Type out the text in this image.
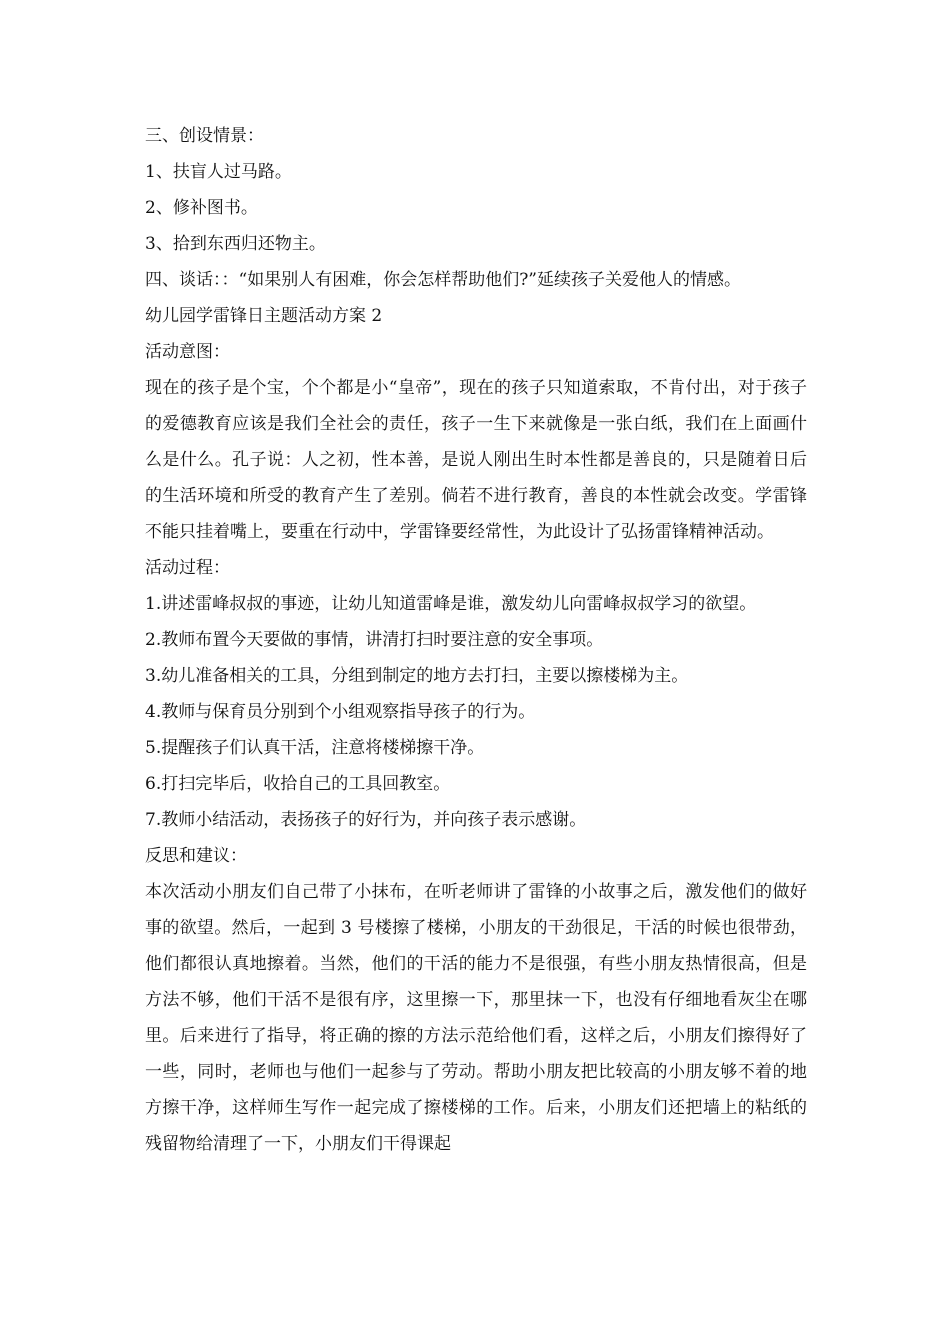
三、创设情景：
1、扶盲人过马路。
2、修补图书。
3、拾到东西归还物主。
四、谈话：：“如果别人有困难，你会怎样帮助他们?”延续孩子关爱他人的情感。
幼儿园学雷锋日主题活动方案 2
活动意图：
现在的孩子是个宝，个个都是小“皇帝”，现在的孩子只知道索取，不肯付出，对于孩子的爱德教育应该是我们全社会的责任，孩子一生下来就像是一张白纸，我们在上面画什么是什么。孔子说：人之初，性本善，是说人刚出生时本性都是善良的，只是随着日后的生活环境和所受的教育产生了差别。倘若不进行教育，善良的本性就会改变。学雷锋不能只挂着嘴上，要重在行动中，学雷锋要经常性，为此设计了弘扬雷锋精神活动。
活动过程：
1.讲述雷峰叔叔的事迹，让幼儿知道雷峰是谁，激发幼儿向雷峰叔叔学习的欲望。
2.教师布置今天要做的事情，讲清打扫时要注意的安全事项。
3.幼儿准备相关的工具，分组到制定的地方去打扫，主要以擦楼梯为主。
4.教师与保育员分别到个小组观察指导孩子的行为。
5.提醒孩子们认真干活，注意将楼梯擦干净。
6.打扫完毕后，收拾自己的工具回教室。
7.教师小结活动，表扬孩子的好行为，并向孩子表示感谢。
反思和建议：
本次活动小朋友们自己带了小抹布，在听老师讲了雷锋的小故事之后，激发他们的做好事的欲望。然后，一起到 3 号楼擦了楼梯，小朋友的干劲很足，干活的时候也很带劲，他们都很认真地擦着。当然，他们的干活的能力不是很强，有些小朋友热情很高，但是方法不够，他们干活不是很有序，这里擦一下，那里抹一下，也没有仔细地看灰尘在哪里。后来进行了指导，将正确的擦的方法示范给他们看，这样之后，小朋友们擦得好了一些，同时，老师也与他们一起参与了劳动。帮助小朋友把比较高的小朋友够不着的地方擦干净，这样师生写作一起完成了擦楼梯的工作。后来，小朋友们还把墙上的粘纸的残留物给清理了一下，小朋友们干得课起
